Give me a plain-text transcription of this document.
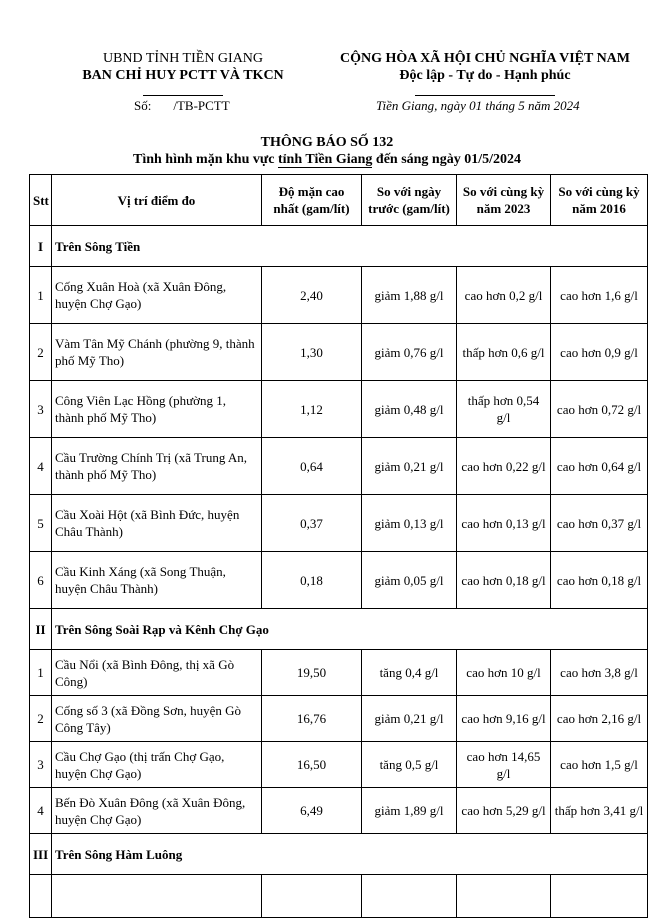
UBND TỈNH TIỀN GIANG
BAN CHỈ HUY PCTT VÀ TKCN
CỘNG HÒA XÃ HỘI CHỦ NGHĨA VIỆT NAM
Độc lập - Tự do - Hạnh phúc
Số: /TB-PCTT	Tiền Giang, ngày 01 tháng 5 năm 2024
THÔNG BÁO SỐ 132
Tình hình mặn khu vực tỉnh Tiền Giang đến sáng ngày 01/5/2024
Stt	Vị trí điểm đo	Độ mặn cao nhất (gam/lít)	So với ngày trước (gam/lít)	So với cùng kỳ năm 2023	So với cùng kỳ năm 2016
I	Trên Sông Tiền				
1	Cống Xuân Hoà (xã Xuân Đông, huyện Chợ Gạo)	2,40	giảm 1,88 g/l	cao hơn 0,2 g/l	cao hơn 1,6 g/l
2	Vàm Tân Mỹ Chánh (phường 9, thành phố Mỹ Tho)	1,30	giảm 0,76 g/l	thấp hơn 0,6 g/l	cao hơn 0,9 g/l
3	Công Viên Lạc Hồng (phường 1, thành phố Mỹ Tho)	1,12	giảm 0,48 g/l	thấp hơn 0,54 g/l	cao hơn 0,72 g/l
4	Cầu Trường Chính Trị (xã Trung An, thành phố Mỹ Tho)	0,64	giảm 0,21 g/l	cao hơn 0,22 g/l	cao hơn 0,64 g/l
5	Cầu Xoài Hột (xã Bình Đức, huyện Châu Thành)	0,37	giảm 0,13 g/l	cao hơn 0,13 g/l	cao hơn 0,37 g/l
6	Cầu Kinh Xáng (xã Song Thuận, huyện Châu Thành)	0,18	giảm 0,05 g/l	cao hơn 0,18 g/l	cao hơn 0,18 g/l
II	Trên Sông Soài Rạp và Kênh Chợ Gạo				
1	Cầu Nổi (xã Bình Đông, thị xã Gò Công)	19,50	tăng 0,4 g/l	cao hơn 10 g/l	cao hơn 3,8 g/l
2	Cống số 3 (xã Đồng Sơn, huyện Gò Công Tây)	16,76	giảm 0,21 g/l	cao hơn 9,16 g/l	cao hơn 2,16 g/l
3	Cầu Chợ Gạo (thị trấn Chợ Gạo, huyện Chợ Gạo)	16,50	tăng 0,5 g/l	cao hơn 14,65 g/l	cao hơn 1,5 g/l
4	Bến Đò Xuân Đông (xã Xuân Đông, huyện Chợ Gạo)	6,49	giảm 1,89 g/l	cao hơn 5,29 g/l	thấp hơn 3,41 g/l
III	Trên Sông Hàm Luông				
